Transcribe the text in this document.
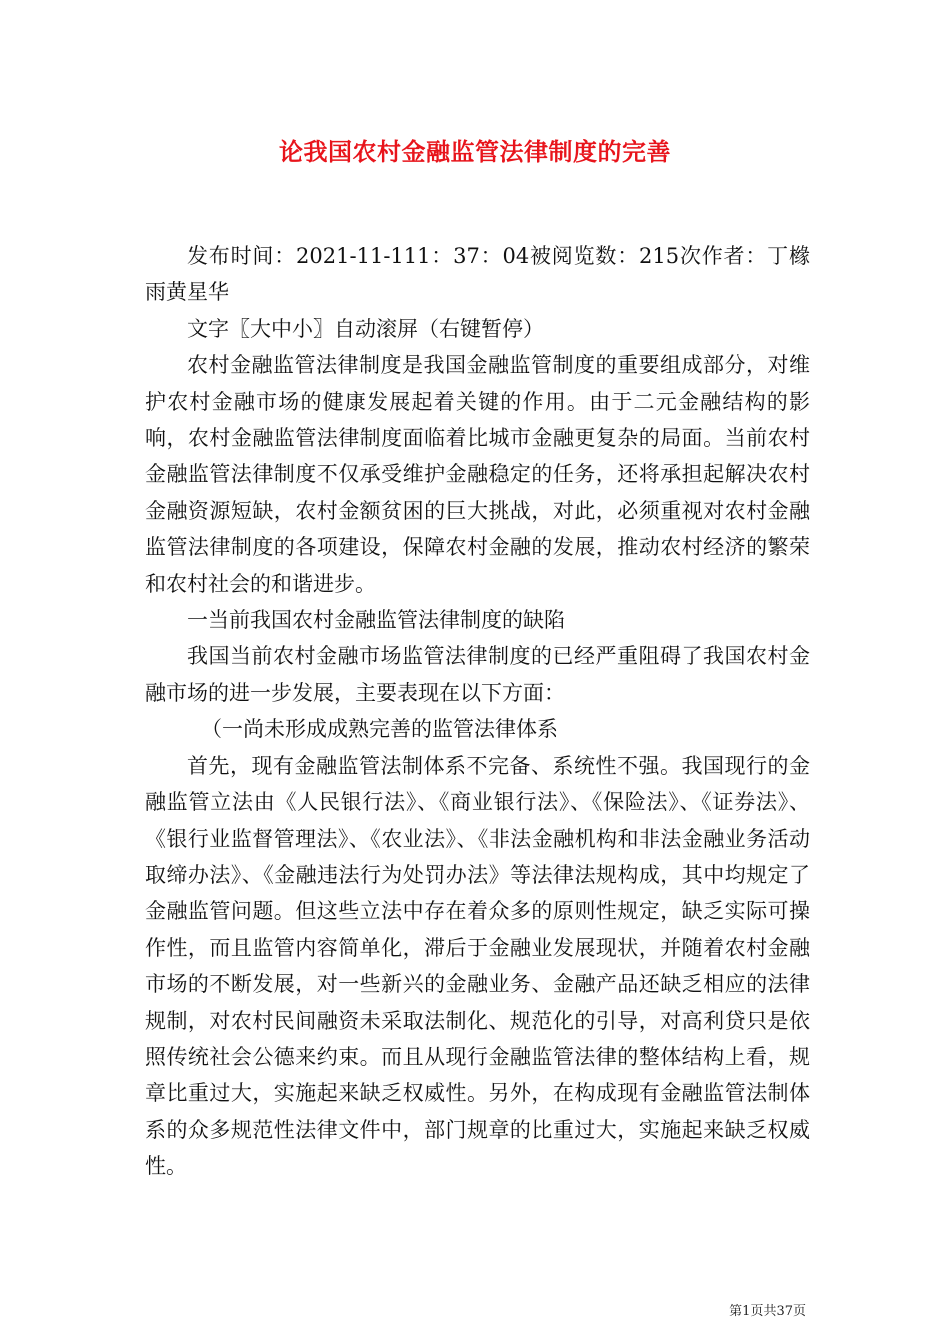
论我国农村金融监管法律制度的完善

发布时间：2021-11-111：37：04被阅览数：215次作者：丁橼雨黄星华

文字〖大中小〗自动滚屏（右键暂停）

农村金融监管法律制度是我国金融监管制度的重要组成部分，对维护农村金融市场的健康发展起着关键的作用。由于二元金融结构的影响，农村金融监管法律制度面临着比城市金融更复杂的局面。当前农村金融监管法律制度不仅承受维护金融稳定的任务，还将承担起解决农村金融资源短缺，农村金额贫困的巨大挑战，对此，必须重视对农村金融监管法律制度的各项建设，保障农村金融的发展，推动农村经济的繁荣和农村社会的和谐进步。

一当前我国农村金融监管法律制度的缺陷

我国当前农村金融市场监管法律制度的已经严重阻碍了我国农村金融市场的进一步发展，主要表现在以下方面：

（一尚未形成成熟完善的监管法律体系

首先，现有金融监管法制体系不完备、系统性不强。我国现行的金融监管立法由《人民银行法》、《商业银行法》、《保险法》、《证券法》、《银行业监督管理法》、《农业法》、《非法金融机构和非法金融业务活动取缔办法》、《金融违法行为处罚办法》等法律法规构成，其中均规定了金融监管问题。但这些立法中存在着众多的原则性规定，缺乏实际可操作性，而且监管内容简单化，滞后于金融业发展现状，并随着农村金融市场的不断发展，对一些新兴的金融业务、金融产品还缺乏相应的法律规制，对农村民间融资未采取法制化、规范化的引导，对高利贷只是依照传统社会公德来约束。而且从现行金融监管法律的整体结构上看，规章比重过大，实施起来缺乏权威性。另外，在构成现有金融监管法制体系的众多规范性法律文件中，部门规章的比重过大，实施起来缺乏权威性。

第1页共37页
